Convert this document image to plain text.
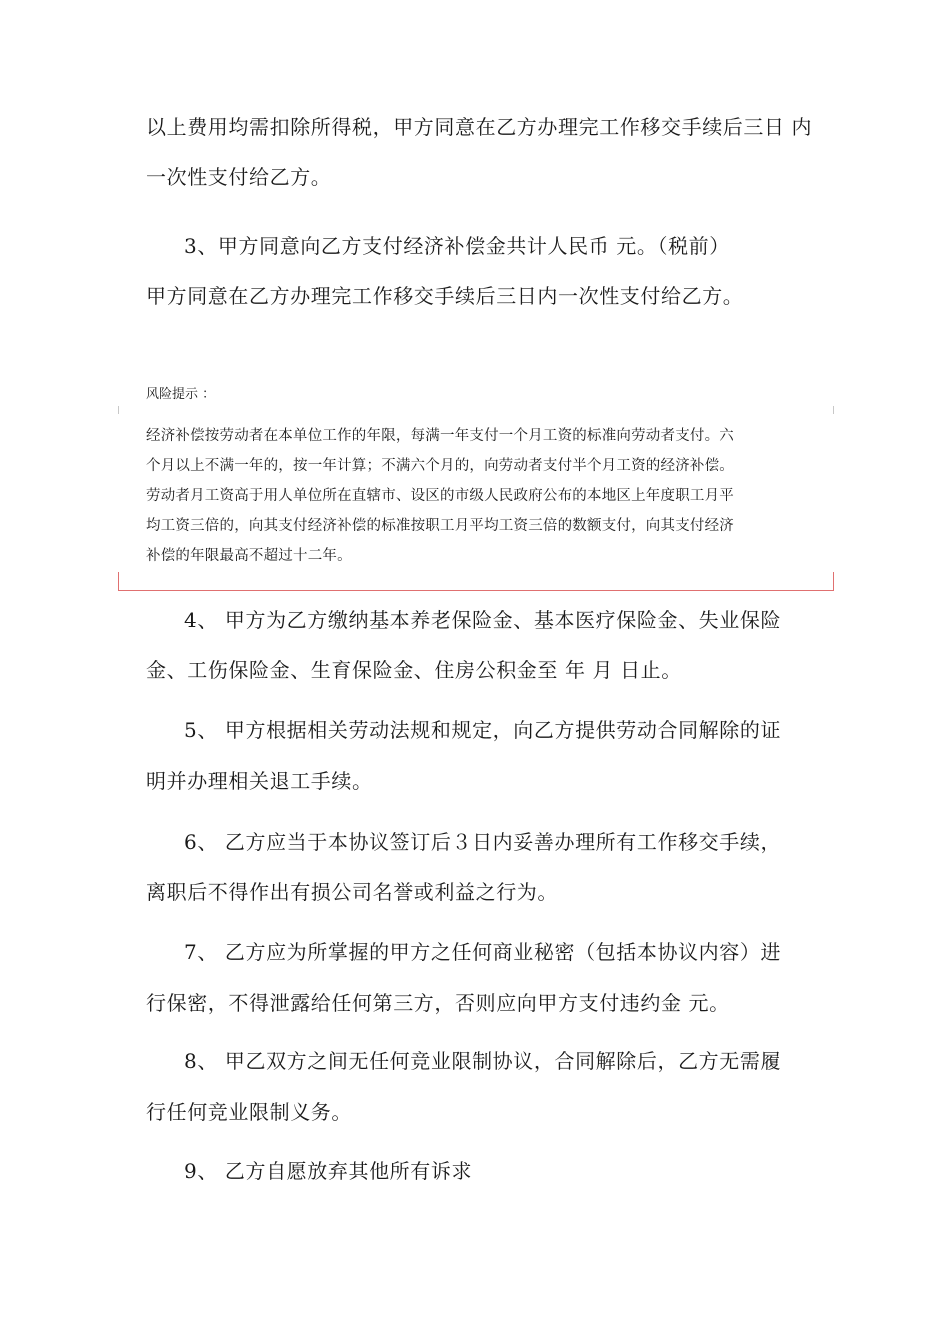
以上费用均需扣除所得税，甲方同意在乙方办理完工作移交手续后三日 内
一次性支付给乙方。
3、甲方同意向乙方支付经济补偿金共计人民币 元。（税前）
甲方同意在乙方办理完工作移交手续后三日内一次性支付给乙方。
风险提示 ：
经济补偿按劳动者在本单位工作的年限，每满一年支付一个月工资的标准向劳动者支付。六
个月以上不满一年的，按一年计算；不满六个月的，向劳动者支付半个月工资的经济补偿。
劳动者月工资高于用人单位所在直辖市、设区的市级人民政府公布的本地区上年度职工月平
均工资三倍的，向其支付经济补偿的标准按职工月平均工资三倍的数额支付，向其支付经济
补偿的年限最高不超过十二年。
4、 甲方为乙方缴纳基本养老保险金、基本医疗保险金、失业保险
金、工伤保险金、生育保险金、住房公积金至 年 月 日止。
5、 甲方根据相关劳动法规和规定，向乙方提供劳动合同解除的证
明并办理相关退工手续。
6、 乙方应当于本协议签订后３日内妥善办理所有工作移交手续，
离职后不得作出有损公司名誉或利益之行为。
7、 乙方应为所掌握的甲方之任何商业秘密（包括本协议内容）进
行保密，不得泄露给任何第三方，否则应向甲方支付违约金 元。
8、 甲乙双方之间无任何竞业限制协议，合同解除后，乙方无需履
行任何竞业限制义务。
9、 乙方自愿放弃其他所有诉求
